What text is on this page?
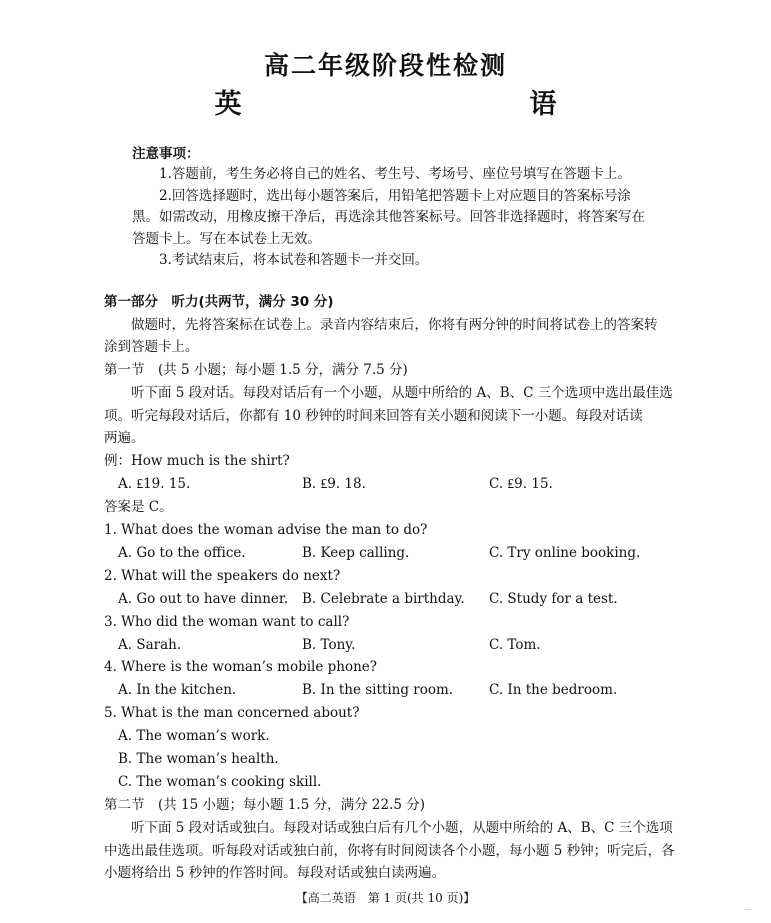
高二年级阶段性检测
英　　语
注意事项：
1.答题前，考生务必将自己的姓名、考生号、考场号、座位号填写在答题卡上。
2.回答选择题时，选出每小题答案后，用铅笔把答题卡上对应题目的答案标号涂
黑。如需改动，用橡皮擦干净后，再选涂其他答案标号。回答非选择题时，将答案写在
答题卡上。写在本试卷上无效。
3.考试结束后，将本试卷和答题卡一并交回。
第一部分　听力(共两节，满分 30 分)
做题时，先将答案标在试卷上。录音内容结束后，你将有两分钟的时间将试卷上的答案转
涂到答题卡上。
第一节　(共 5 小题；每小题 1.5 分，满分 7.5 分)
听下面 5 段对话。每段对话后有一个小题，从题中所给的 A、B、C 三个选项中选出最佳选
项。听完每段对话后，你都有 10 秒钟的时间来回答有关小题和阅读下一小题。每段对话读
两遍。
例：How much is the shirt?
A. ₤19. 15.	B. ₤9. 18.	C. ₤9. 15.
答案是 C。
1. What does the woman advise the man to do?
A. Go to the office.	B. Keep calling.	C. Try online booking.
2. What will the speakers do next?
A. Go out to have dinner. B. Celebrate a birthday. C. Study for a test.
3. Who did the woman want to call?
A. Sarah.	B. Tony.	C. Tom.
4. Where is the woman’s mobile phone?
A. In the kitchen.	B. In the sitting room.	C. In the bedroom.
5. What is the man concerned about?
A. The woman’s work.
B. The woman’s health.
C. The woman’s cooking skill.
第二节　(共 15 小题；每小题 1.5 分，满分 22.5 分)
听下面 5 段对话或独白。每段对话或独白后有几个小题，从题中所给的 A、B、C 三个选项
中选出最佳选项。听每段对话或独白前，你将有时间阅读各个小题，每小题 5 秒钟；听完后，各
小题将给出 5 秒钟的作答时间。每段对话或独白读两遍。
【高二英语　第 1 页(共 10 页)】
...
